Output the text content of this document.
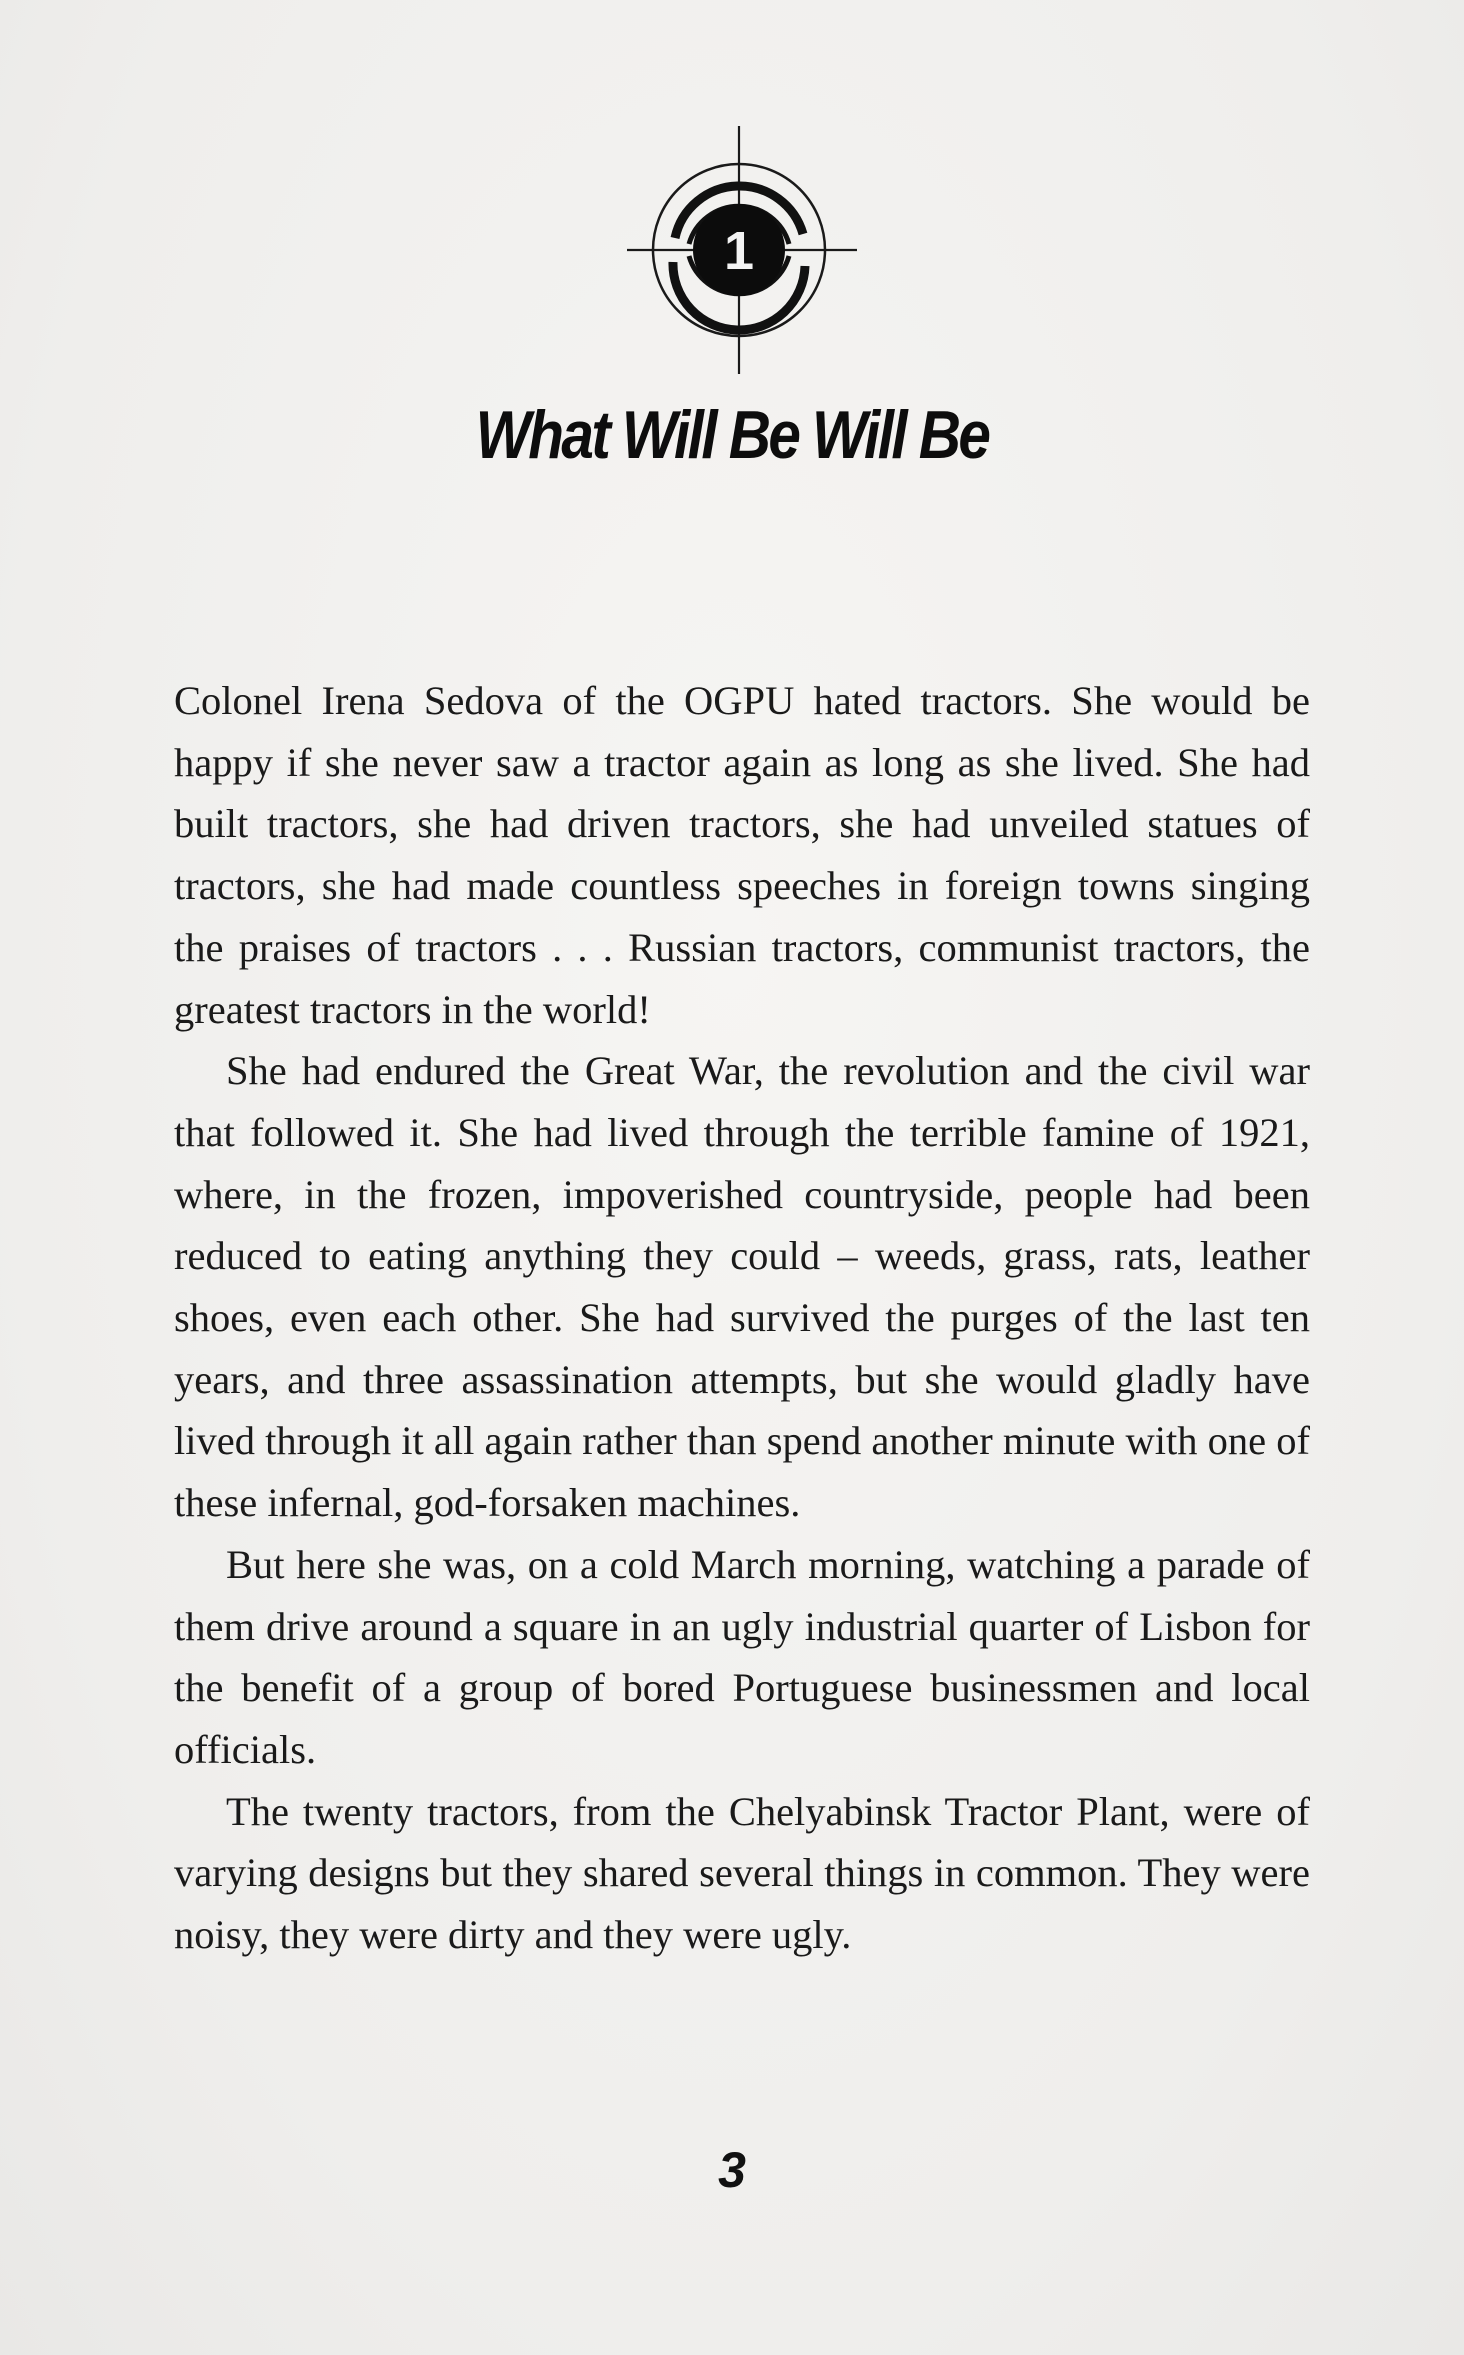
1
What Will Be Will Be

Colonel Irena Sedova of the OGPU hated tractors. She would be happy if she never saw a tractor again as long as she lived. She had built tractors, she had driven tractors, she had unveiled statues of tractors, she had made countless speeches in foreign towns singing the praises of tractors . . . Russian tractors, communist tractors, the greatest tractors in the world!

She had endured the Great War, the revolution and the civil war that followed it. She had lived through the terrible famine of 1921, where, in the frozen, impoverished countryside, people had been reduced to eating anything they could – weeds, grass, rats, leather shoes, even each other. She had survived the purges of the last ten years, and three assassination attempts, but she would gladly have lived through it all again rather than spend another minute with one of these infernal, god-forsaken machines.

But here she was, on a cold March morning, watching a parade of them drive around a square in an ugly industrial quarter of Lisbon for the benefit of a group of bored Portuguese businessmen and local officials.

The twenty tractors, from the Chelyabinsk Tractor Plant, were of varying designs but they shared several things in common. They were noisy, they were dirty and they were ugly.

3
